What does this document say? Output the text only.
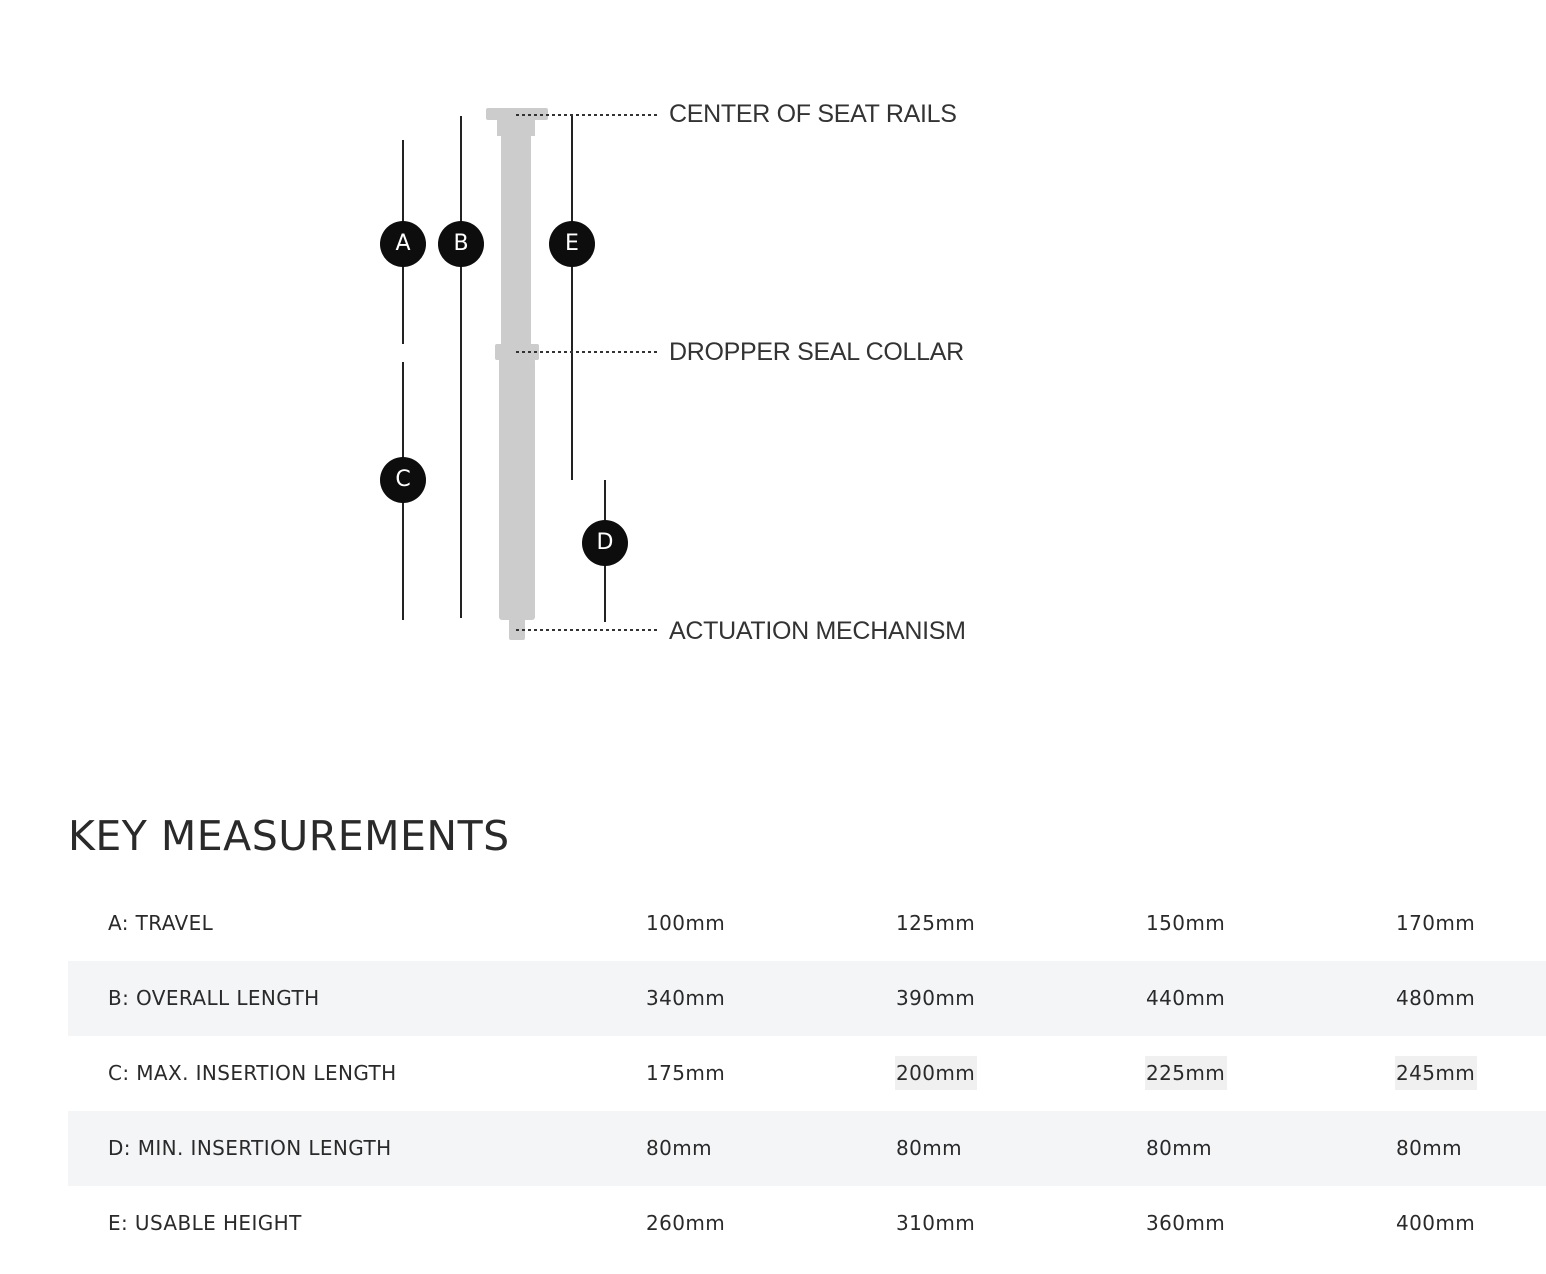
CENTER OF SEAT RAILS
DROPPER SEAL COLLAR
ACTUATION MECHANISM
A	B	E
C
D
KEY MEASUREMENTS
A: TRAVEL	100mm	125mm	150mm	170mm
B: OVERALL LENGTH	340mm	390mm	440mm	480mm
C: MAX. INSERTION LENGTH	175mm	200mm	225mm	245mm
D: MIN. INSERTION LENGTH	80mm	80mm	80mm	80mm
E: USABLE HEIGHT	260mm	310mm	360mm	400mm
